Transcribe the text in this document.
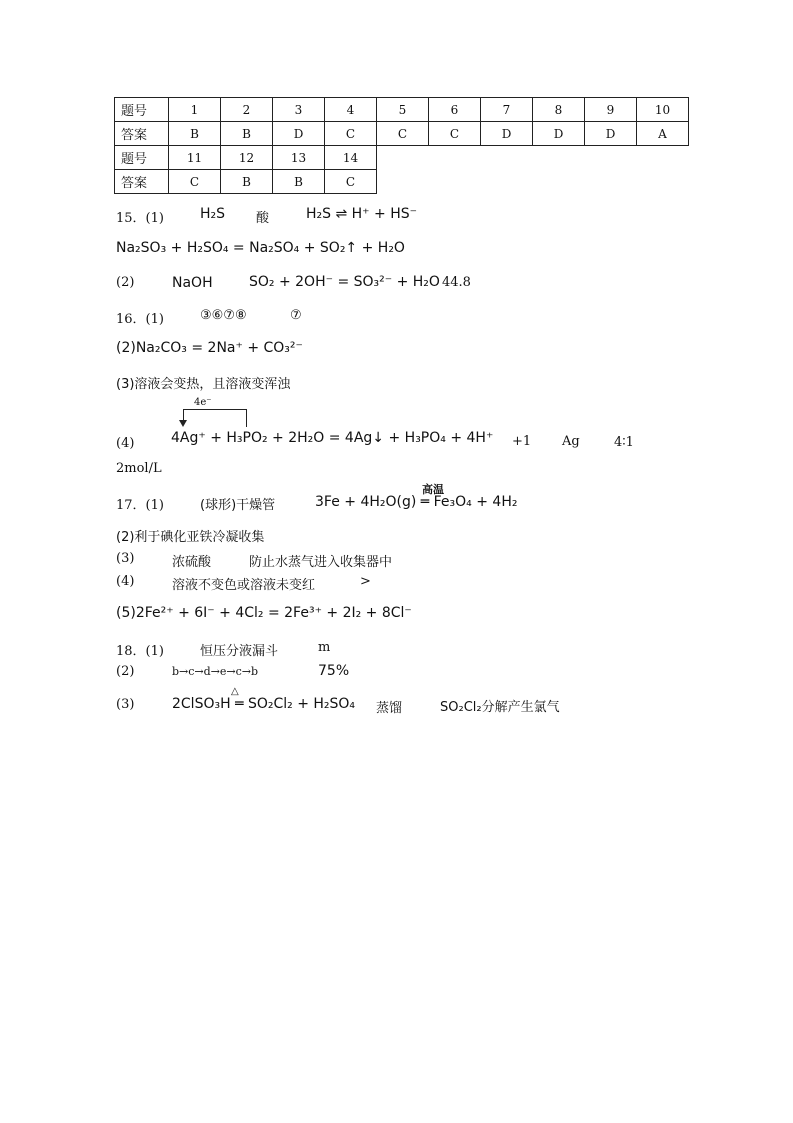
题号	1	2	3	4	5	6	7	8	9	10
答案	B	B	D	C	C	C	D	D	D	A
题号	11	12	13	14						
答案	C	B	B	C						
15．(1)	H₂S 酸	H₂S ⇌ H⁺ + HS⁻
Na₂SO₃ + H₂SO₄ = Na₂SO₄ + SO₂↑ + H₂O
(2)	NaOH	SO₂ + 2OH⁻ = SO₃²⁻ + H₂O 44.8
16．(1)	③⑥⑦⑧	⑦
(2)Na₂CO₃ = 2Na⁺ + CO₃²⁻
(3)溶液会变热，且溶液变浑浊
4e⁻
(4)	4Ag⁺ + H₃PO₂ + 2H₂O = 4Ag↓ + H₃PO₄ + 4H⁺ +1 Ag	4∶1
2mol/L
17．(1)	(球形)干燥管
高温
3Fe + 4H₂O(g) ═ Fe₃O₄ + 4H₂
(2)利于碘化亚铁冷凝收集
(3)	浓硫酸	防止水蒸气进入收集器中
(4)	溶液不变色或溶液未变红	>
(5)2Fe²⁺ + 6I⁻ + 4Cl₂ = 2Fe³⁺ + 2I₂ + 8Cl⁻
18．(1)	恒压分液漏斗	m
(2)	b→c→d→e→c→b	75%
(3)
△
2ClSO₃H ═ SO₂Cl₂ + H₂SO₄ 蒸馏	SO₂Cl₂分解产生氯气
